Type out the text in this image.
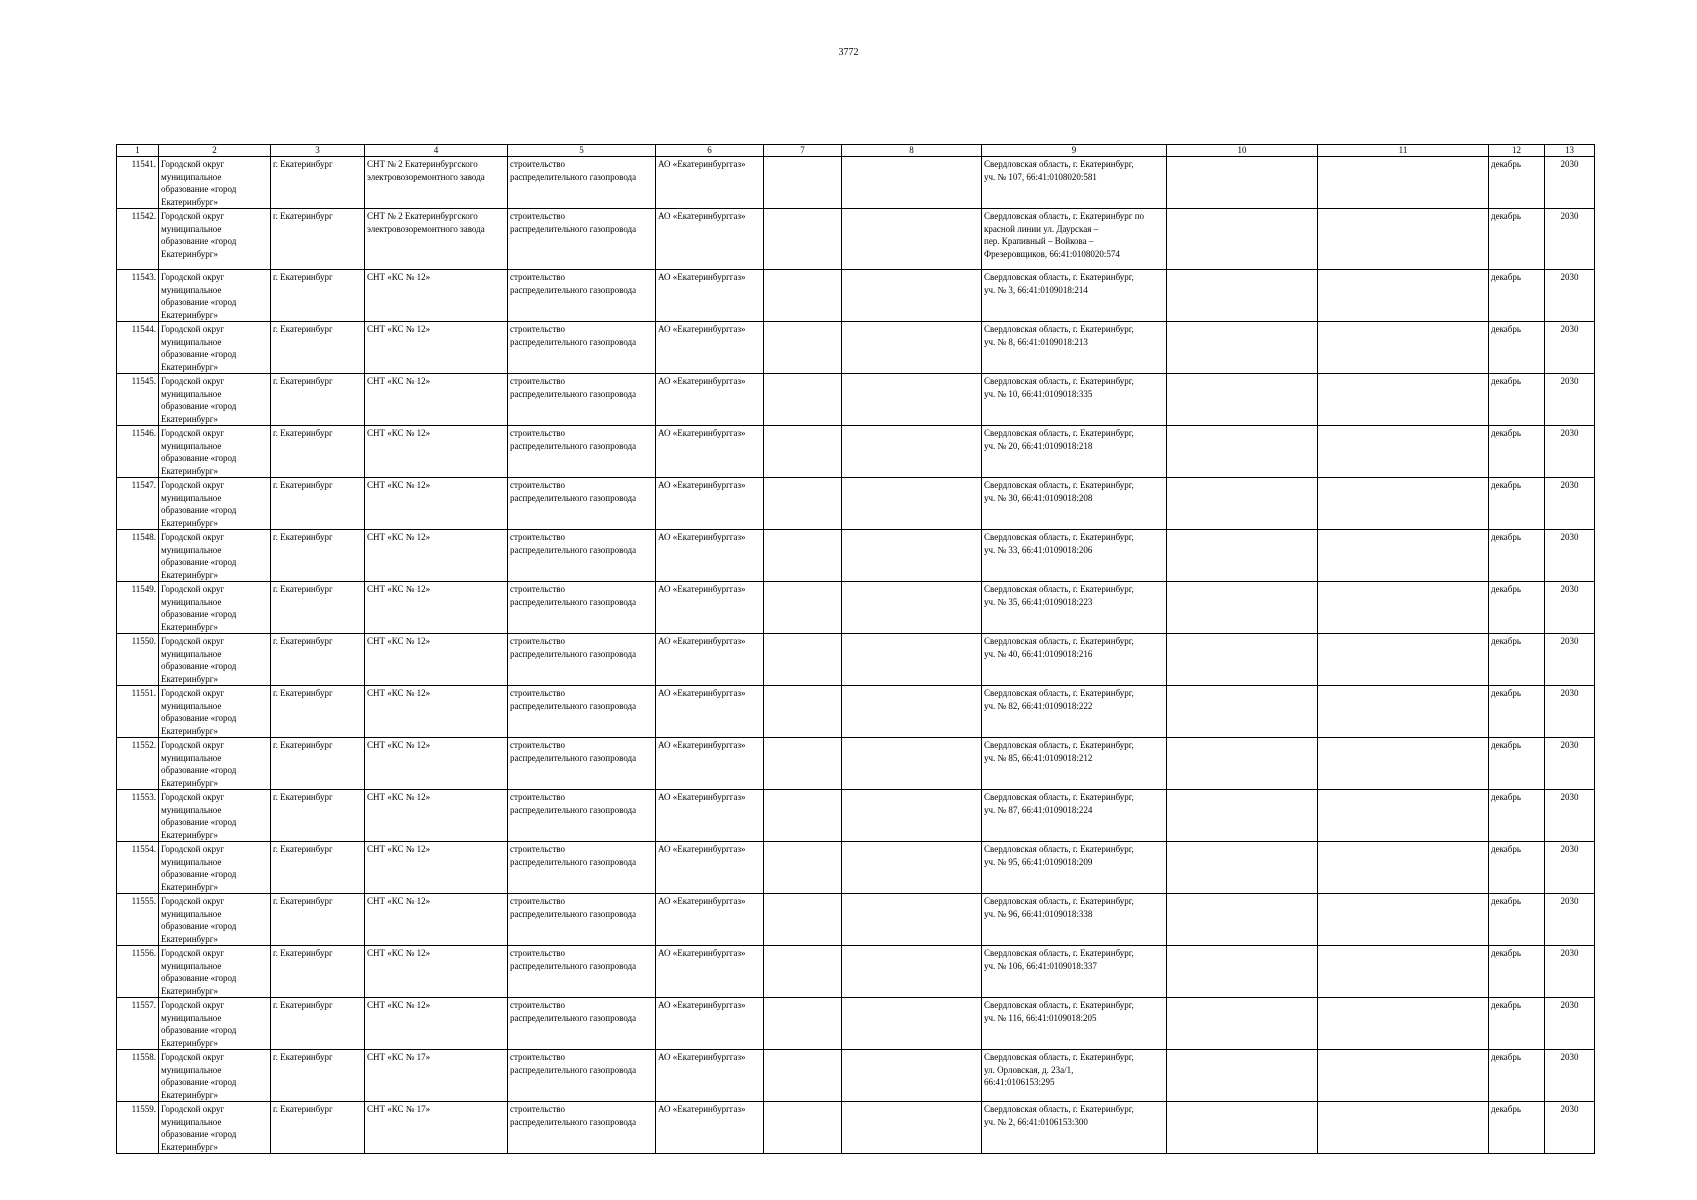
3772
1	2	3	4	5	6	7	8	9	10	11	12	13
11541.	Городской округ
муниципальное
образование «город
Екатеринбург»	г. Екатеринбург	СНТ № 2 Екатеринбургского
электровозоремонтного завода	строительство
распределительного газопровода	АО «Екатеринбурггаз»			Свердловская область, г. Екатеринбург,
уч. № 107, 66:41:0108020:581			декабрь	2030
11542.	Городской округ
муниципальное
образование «город
Екатеринбург»	г. Екатеринбург	СНТ № 2 Екатеринбургского
электровозоремонтного завода	строительство
распределительного газопровода	АО «Екатеринбурггаз»			Свердловская область, г. Екатеринбург по
красной линии ул. Даурская –
пер. Крапивный – Войкова –
Фрезеровщиков, 66:41:0108020:574			декабрь	2030
11543.	Городской округ
муниципальное
образование «город
Екатеринбург»	г. Екатеринбург	СНТ «КС № 12»	строительство
распределительного газопровода	АО «Екатеринбурггаз»			Свердловская область, г. Екатеринбург,
уч. № 3, 66:41:0109018:214			декабрь	2030
11544.	Городской округ
муниципальное
образование «город
Екатеринбург»	г. Екатеринбург	СНТ «КС № 12»	строительство
распределительного газопровода	АО «Екатеринбурггаз»			Свердловская область, г. Екатеринбург,
уч. № 8, 66:41:0109018:213			декабрь	2030
11545.	Городской округ
муниципальное
образование «город
Екатеринбург»	г. Екатеринбург	СНТ «КС № 12»	строительство
распределительного газопровода	АО «Екатеринбурггаз»			Свердловская область, г. Екатеринбург,
уч. № 10, 66:41:0109018:335			декабрь	2030
11546.	Городской округ
муниципальное
образование «город
Екатеринбург»	г. Екатеринбург	СНТ «КС № 12»	строительство
распределительного газопровода	АО «Екатеринбурггаз»			Свердловская область, г. Екатеринбург,
уч. № 20, 66:41:0109018:218			декабрь	2030
11547.	Городской округ
муниципальное
образование «город
Екатеринбург»	г. Екатеринбург	СНТ «КС № 12»	строительство
распределительного газопровода	АО «Екатеринбурггаз»			Свердловская область, г. Екатеринбург,
уч. № 30, 66:41:0109018:208			декабрь	2030
11548.	Городской округ
муниципальное
образование «город
Екатеринбург»	г. Екатеринбург	СНТ «КС № 12»	строительство
распределительного газопровода	АО «Екатеринбурггаз»			Свердловская область, г. Екатеринбург,
уч. № 33, 66:41:0109018:206			декабрь	2030
11549.	Городской округ
муниципальное
образование «город
Екатеринбург»	г. Екатеринбург	СНТ «КС № 12»	строительство
распределительного газопровода	АО «Екатеринбурггаз»			Свердловская область, г. Екатеринбург,
уч. № 35, 66:41:0109018:223			декабрь	2030
11550.	Городской округ
муниципальное
образование «город
Екатеринбург»	г. Екатеринбург	СНТ «КС № 12»	строительство
распределительного газопровода	АО «Екатеринбурггаз»			Свердловская область, г. Екатеринбург,
уч. № 40, 66:41:0109018:216			декабрь	2030
11551.	Городской округ
муниципальное
образование «город
Екатеринбург»	г. Екатеринбург	СНТ «КС № 12»	строительство
распределительного газопровода	АО «Екатеринбурггаз»			Свердловская область, г. Екатеринбург,
уч. № 82, 66:41:0109018:222			декабрь	2030
11552.	Городской округ
муниципальное
образование «город
Екатеринбург»	г. Екатеринбург	СНТ «КС № 12»	строительство
распределительного газопровода	АО «Екатеринбурггаз»			Свердловская область, г. Екатеринбург,
уч. № 85, 66:41:0109018:212			декабрь	2030
11553.	Городской округ
муниципальное
образование «город
Екатеринбург»	г. Екатеринбург	СНТ «КС № 12»	строительство
распределительного газопровода	АО «Екатеринбурггаз»			Свердловская область, г. Екатеринбург,
уч. № 87, 66:41:0109018:224			декабрь	2030
11554.	Городской округ
муниципальное
образование «город
Екатеринбург»	г. Екатеринбург	СНТ «КС № 12»	строительство
распределительного газопровода	АО «Екатеринбурггаз»			Свердловская область, г. Екатеринбург,
уч. № 95, 66:41:0109018:209			декабрь	2030
11555.	Городской округ
муниципальное
образование «город
Екатеринбург»	г. Екатеринбург	СНТ «КС № 12»	строительство
распределительного газопровода	АО «Екатеринбурггаз»			Свердловская область, г. Екатеринбург,
уч. № 96, 66:41:0109018:338			декабрь	2030
11556.	Городской округ
муниципальное
образование «город
Екатеринбург»	г. Екатеринбург	СНТ «КС № 12»	строительство
распределительного газопровода	АО «Екатеринбурггаз»			Свердловская область, г. Екатеринбург,
уч. № 106, 66:41:0109018:337			декабрь	2030
11557.	Городской округ
муниципальное
образование «город
Екатеринбург»	г. Екатеринбург	СНТ «КС № 12»	строительство
распределительного газопровода	АО «Екатеринбурггаз»			Свердловская область, г. Екатеринбург,
уч. № 116, 66:41:0109018:205			декабрь	2030
11558.	Городской округ
муниципальное
образование «город
Екатеринбург»	г. Екатеринбург	СНТ «КС № 17»	строительство
распределительного газопровода	АО «Екатеринбурггаз»			Свердловская область, г. Екатеринбург,
ул. Орловская, д. 23а/1,
66:41:0106153:295			декабрь	2030
11559.	Городской округ
муниципальное
образование «город
Екатеринбург»	г. Екатеринбург	СНТ «КС № 17»	строительство
распределительного газопровода	АО «Екатеринбурггаз»			Свердловская область, г. Екатеринбург,
уч. № 2, 66:41:0106153:300			декабрь	2030
